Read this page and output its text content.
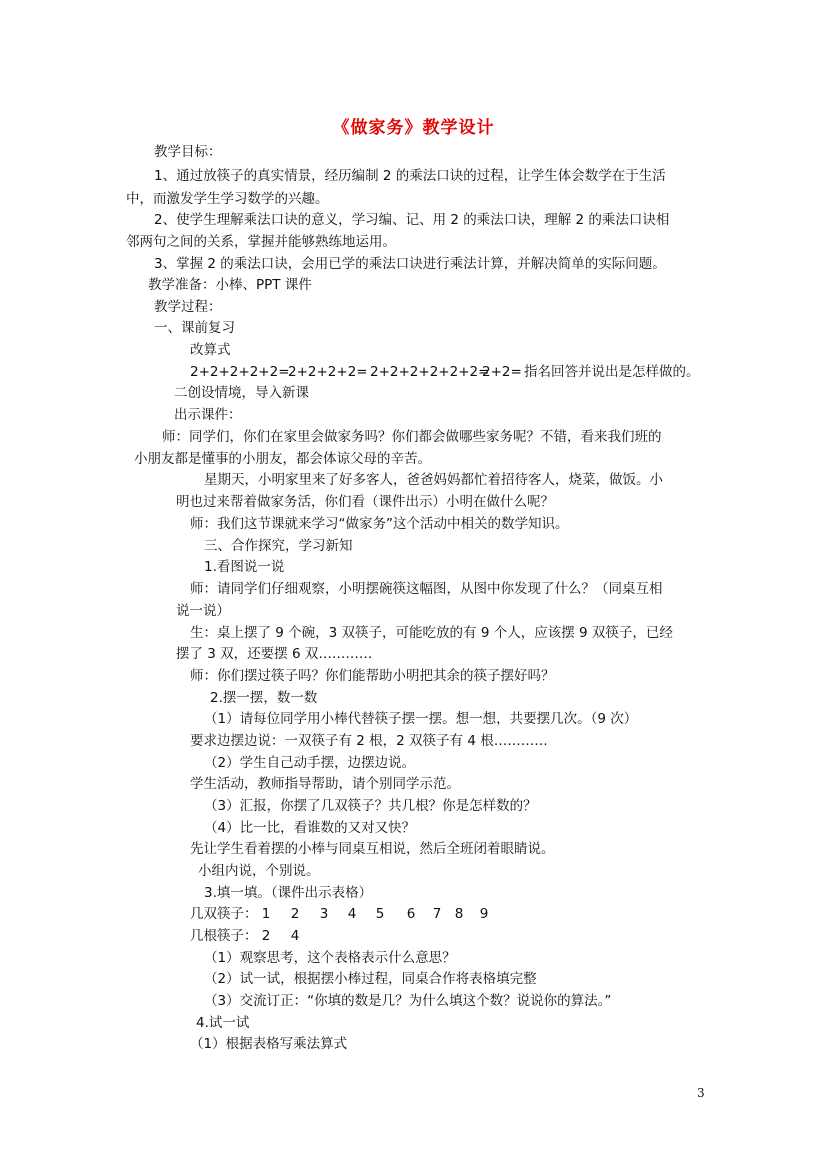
《做家务》教学设计
教学目标：
1、通过放筷子的真实情景，经历编制 2 的乘法口诀的过程，让学生体会数学在于生活
中，而激发学生学习数学的兴趣。
2、使学生理解乘法口诀的意义，学习编、记、用 2 的乘法口诀，理解 2 的乘法口诀相
邻两句之间的关系，掌握并能够熟练地运用。
3、掌握 2 的乘法口诀，会用已学的乘法口诀进行乘法计算，并解决简单的实际问题。
教学准备：小棒、PPT 课件
教学过程：
一、课前复习
改算式
2+2+2+2+2=2+2+2+2= 2+2+2+2+2+2=2+2= 指名回答并说出是怎样做的。
二创设情境，导入新课
出示课件：
师：同学们，你们在家里会做家务吗？你们都会做哪些家务呢？不错，看来我们班的
小朋友都是懂事的小朋友，都会体谅父母的辛苦。
星期天，小明家里来了好多客人，爸爸妈妈都忙着招待客人，烧菜，做饭。小
明也过来帮着做家务活，你们看（课件出示）小明在做什么呢？
师：我们这节课就来学习“做家务”这个活动中相关的数学知识。
三、合作探究，学习新知
1.看图说一说
师：请同学们仔细观察，小明摆碗筷这幅图，从图中你发现了什么？（同桌互相
说一说）
生：桌上摆了 9 个碗，3 双筷子，可能吃放的有 9 个人，应该摆 9 双筷子，已经
摆了 3 双，还要摆 6 双…………
师：你们摆过筷子吗？你们能帮助小明把其余的筷子摆好吗？
2.摆一摆，数一数
（1）请每位同学用小棒代替筷子摆一摆。想一想，共要摆几次。（9 次）
要求边摆边说：一双筷子有 2 根，2 双筷子有 4 根…………
（2）学生自己动手摆，边摆边说。
学生活动，教师指导帮助，请个别同学示范。
（3）汇报，你摆了几双筷子？共几根？你是怎样数的？
（4）比一比，看谁数的又对又快？
先让学生看着摆的小棒与同桌互相说，然后全班闭着眼睛说。
小组内说，个别说。
3.填一填。（课件出示表格）
几双筷子： 1 2 3 4 5 6 7 8 9
几根筷子： 2 4
（1）观察思考，这个表格表示什么意思？
（2）试一试，根据摆小棒过程，同桌合作将表格填完整
（3）交流订正：“你填的数是几？为什么填这个数？说说你的算法。”
4.试一试
（1）根据表格写乘法算式
3
